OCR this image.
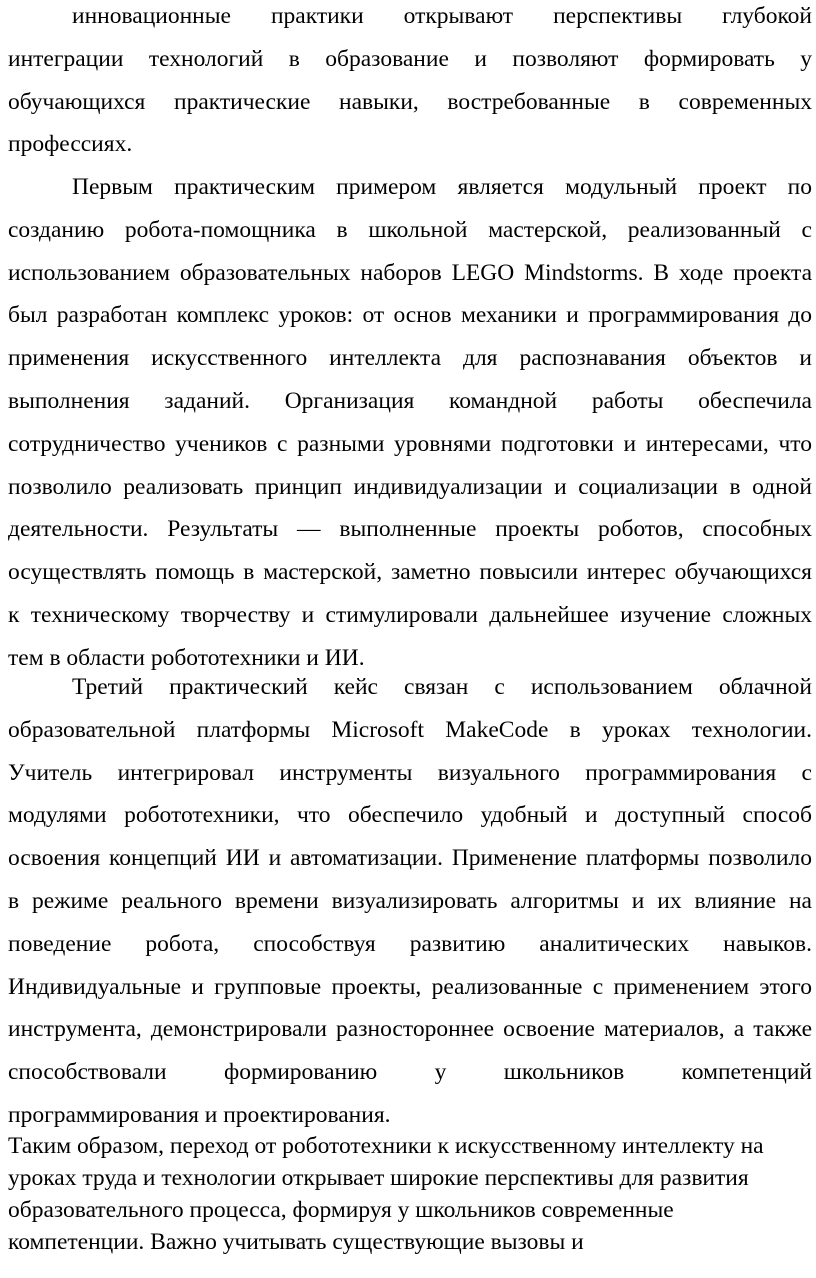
инновационные практики открывают перспективы глубокой
интеграции технологий в образование и позволяют формировать у
обучающихся практические навыки, востребованные в современных
профессиях.
Первым практическим примером является модульный проект по
созданию робота-помощника в школьной мастерской, реализованный с
использованием образовательных наборов LEGO Mindstorms. В ходе проекта
был разработан комплекс уроков: от основ механики и программирования до
применения искусственного интеллекта для распознавания объектов и
выполнения заданий. Организация командной работы обеспечила
сотрудничество учеников с разными уровнями подготовки и интересами, что
позволило реализовать принцип индивидуализации и социализации в одной
деятельности. Результаты — выполненные проекты роботов, способных
осуществлять помощь в мастерской, заметно повысили интерес обучающихся
к техническому творчеству и стимулировали дальнейшее изучение сложных
тем в области робототехники и ИИ.
Третий практический кейс связан с использованием облачной
образовательной платформы Microsoft MakeCode в уроках технологии.
Учитель интегрировал инструменты визуального программирования с
модулями робототехники, что обеспечило удобный и доступный способ
освоения концепций ИИ и автоматизации. Применение платформы позволило
в режиме реального времени визуализировать алгоритмы и их влияние на
поведение робота, способствуя развитию аналитических навыков.
Индивидуальные и групповые проекты, реализованные с применением этого
инструмента, демонстрировали разностороннее освоение материалов, а также
способствовали формированию у школьников компетенций
программирования и проектирования.
Таким образом, переход от робототехники к искусственному интеллекту на
уроках труда и технологии открывает широкие перспективы для развития
образовательного процесса, формируя у школьников современные
компетенции. Важно учитывать существующие вызовы и
